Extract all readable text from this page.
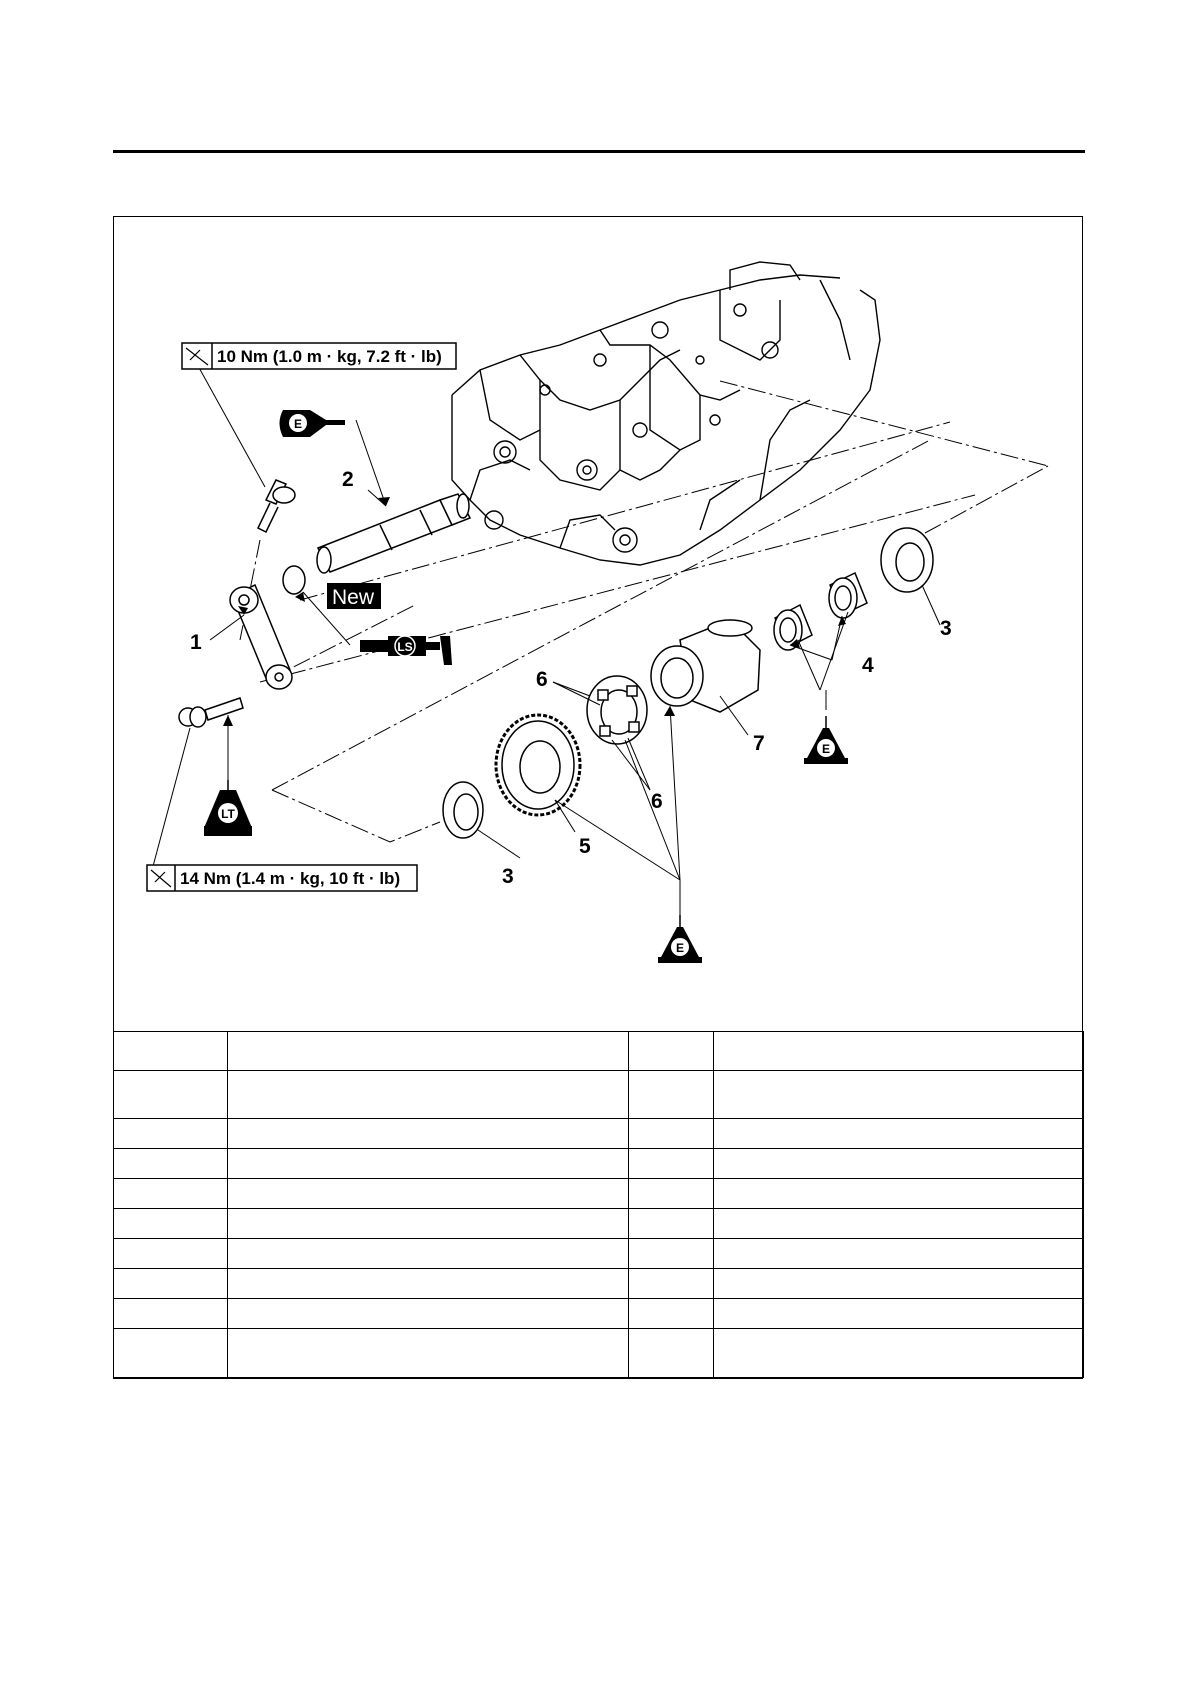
10 Nm (1.0 m · kg, 7.2 ft · lb)
14 Nm (1.4 m · kg, 10 ft · lb)
New
E
LS
LT
E
E
1
2
3
3
4
5
6
6
7
